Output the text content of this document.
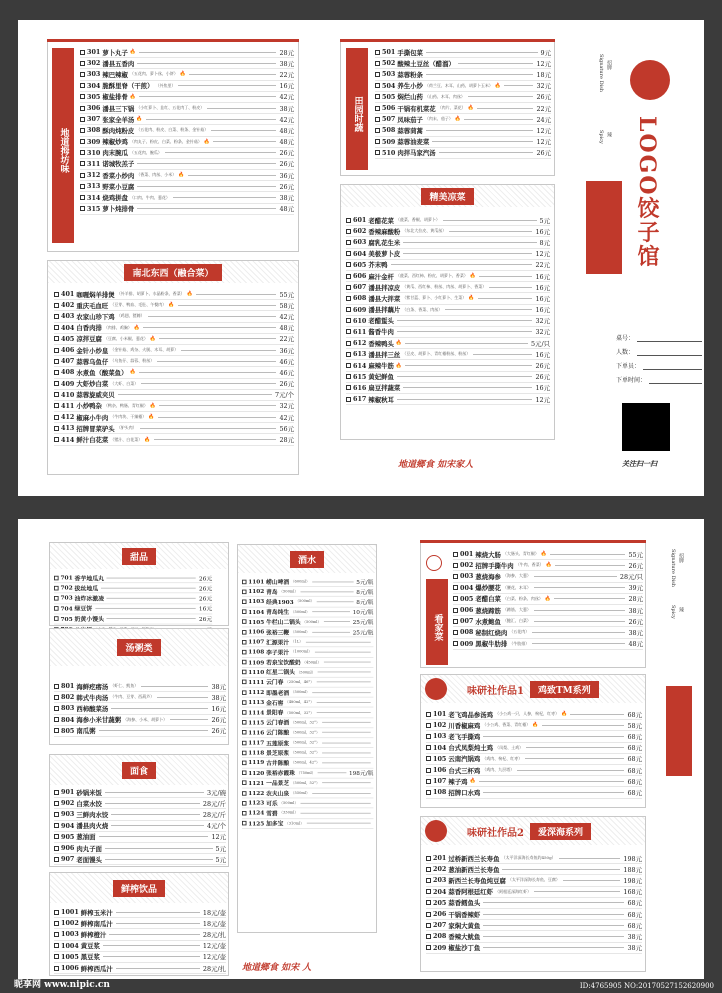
地道拇坊味
301 萝卜丸子 🔥	28元
302 潘县五香肉	38元
303 辣巴辣椒 （五花肉、萝卜丝、小饼） 🔥	22元
304 脆酥里脊（干煎） （外焦里）	16元
305 椒盐排骨 🔥	42元
306 潘县三下锅 （小红萝卜、韭红、五花肉丁、粉皮）	38元
307 张家全羊汤 🔥	42元
308 酥肉炖粉皮 （五花肉、粉皮、白菜、粉条、金针菇）	48元
309 辣椒炒鸡 （肉丸子、粉皮、白菜、粉条、金针菇） 🔥	48元
310 肉末腕瓜 （五花肉、腕瓜）	26元
311 诺城牧羔子	26元
312 香菜小炒肉 （香菜、肉丝、小米） 🔥	36元
313 野菜小豆腐	26元
314 烧鸡拼盘 （口肉、牛肉、葱花）	38元
315 萝卜炖排骨	48元
南北东西（融合菜）
401 咖喱焖羊排煲 （外羊排、胡萝卜、水晶粉条、香菜） 🔥	55元
402 重庆毛血旺 （豆芽、鸭血、毛肚、午餐肉） 🔥	58元
403 农家山珍下鸡 （鸡翅、猪蹄）	42元
404 白香肉排 （肉排、鸡胸） 🔥	48元
405 凉拌豆腐 （豆腐、小米椒、葱花） 🔥	22元
406 金针小炒皇 （金针菇、鸡杂、火腿、木耳、胡萝）	36元
407 蒜蓉乌鱼仔 （乌鱼仔、蒜蓉、粉丝）	46元
408 水煮鱼（酸菜鱼） 🔥	46元
409 大虾炒白菜 （大虾、白菜）	26元
410 蒜蓉旋威夹贝	7元/个
411 小炒鸭杂 （鸭杂、鸭肠、青红椒） 🔥	32元
412 椒麻小牛肉 （牛肉块、干辣椒） 🔥	42元
413 招牌冒菜驴头 （驴头肉）	56元
414 鲜汁白花菜 （猪汁、白花菜） 🔥	28元
田园时蔬
501 手撕包菜	9元
502 酸辣土豆丝（醋溜）	12元
503 蒜蓉粉条	18元
504 养生小炒 （荷兰豆、木耳、山药、胡萝卜玉米） 🔥	32元
505 焖烂山药 （山药、木耳、肉丝）	26元
506 干锅有机菜花 （肉片、菜花） 🔥	22元
507 凤味茄子 （肉末、茄子） 🔥	24元
508 蒜蓉茼蒿	12元
509 蒜蓉油麦菜	12元
510 肉拌马家汽汤	26元
精美凉菜
601 老醋花菜 （菠菜、香椒、胡萝卜）	5元
602 香辣麻酸粉 （东北大拉皮、黄瓜丝）	16元
603 腐乳花生米	8元
604 美极萝卜皮	12元
605 芥末鸭	22元
606 麻汁金杆 （菠菜、西红柿、粉皮、胡萝卜、香菜） 🔥	16元
607 潘县拌凉皮 （黄瓜、西红柿、粉丝、肉丝、胡萝卜、香菜）	16元
608 潘县大拌菜 （紫甘蓝、萝卜、小红萝卜、生菜） 🔥	16元
609 潘县拌藕片 （白条、香菜、肉丝）	16元
610 老醋蜇头	32元
611 酱香牛肉	32元
612 香辣鸭头 🔥	5元/只
613 潘县拌三丝 （豆皮、胡萝卜、青红椒粉丝、粉丝）	16元
614 麻辣牛筋 🔥	26元
615 黄妃鲜鱼	26元
616 扁豆拌蔬菜	16元
617 辣椒秋耳	12元
地道鄉食 如宋家人
Signature Dish 招牌
Spicy 辣 LOGO饺子馆
桌号：
人数：
下单员：
下单时间：
关注扫一扫
甜品
701 香芋地瓜丸	26元
702 拔丝地瓜	26元
703 油炸冰激凌	26元
704 绿豆饼	16元
705 奶黄小馒头	26元
汤粥类
801 海鲜疙瘩汤 （虾仁、鱿鱼）	38元
802 韩式牛肉汤 （牛肉、豆芽、西葫芦）	38元
803 西柿酸菜汤	16元
804 海参小米甘蔬粥 （海参、小米、胡萝卜）	26元
805 南瓜粥	26元
面食
901 砂锅米饭	3元/碗
902 白菜水饺	28元/斤
903 三鲜肉水饺	28元/斤
904 潘县肉火烧	4元/个
905 葱油面	12元
906 肉丸子面	5元
907 老面馒头	5元
鲜榨饮品
1001 鲜榨玉米汁	18元/壶
1002 鲜榨南瓜汁	18元/壶
1003 鲜榨橙汁	28元/扎
1004 黄豆浆	12元/壶
1005 黑豆浆	12元/壶
1006 鲜榨西瓜汁	28元/扎
酒水
1101 崂山啤酒 （600ml）	5元/瓶
1102 青岛 （500ml）	8元/瓶
1103 经典1903 （500ml）	8元/瓶
1104 青岛纯生 （500ml）	10元/瓶
1105 牛栏山二锅头 （500ml）	25元/瓶
1106 张裕三鞭 （500ml）	25元/瓶
1107 汇源果汁 （1L）
1108 李子果汁 （1000ml）
1109 若泉宝饮酸奶 （450ml）
1110 红星二锅头 （500ml）
1111 云门春 （250ml，46°）
1112 即墨老酒 （500ml）
1113 金石窖 （480ml，42°）
1114 景阳春 （500ml，32°）
1115 云门春酒 （500ml，32°）
1116 云门陈酿 （500ml，32°）
1117 五莲原浆 （500ml，32°）
1118 景芝原浆 （500ml，32°）
1119 古井陈酿 （500ml，42°）
1120 张裕赤霞珠 （750ml）	198元/瓶
1121 一品景芝 （500ml，52°）
1122 农夫山泉 （550ml）
1123 可乐 （500ml）
1124 雪碧 （330ml）
1125 加多宝 （310ml）
地道鄉食 如宋 人
看家菜
001 辣烧大肠 （大肠头、青红椒） 🔥	55元
002 招牌手撕牛肉 （牛肉、香菜） 🔥	26元
003 葱烧海参 （海参、大葱）	28元/只
004 爆炒腰花 （腰花、木耳）	39元
005 老醋白菜 （白菜、粉条、肉丝） 🔥	28元
006 葱烧蹄筋 （蹄筋、大葱）	38元
007 水煮鲍鱼 （鲍汇、白菜）	26元
008 秘制红烧肉 （五花肉）	38元
009 黑椒牛肋排 （牛肋排）	48元
味研社作品1	鸡致TM系列
101 老飞鸡品参汤鸡 （小公鸡一只，人参，枸杞，红枣） 🔥	68元
102 川香椒麻鸡 （小公鸡、香菜、青红椒） 🔥	58元
103 老飞手撕鸡	68元
104 台式凤梨炖土鸡 （凤梨、土鸡）	68元
105 云南汽锅鸡 （鸡肉、枸杞、红枣）	68元
106 台式三杯鸡 （鸡肉、九层塔）	68元
107 辣子鸡 🔥	68元
108 招牌口水鸡	68元
味研社作品2	爱深海系列
201 过桥新西兰长寿鱼 （太平洋深海长寿鱼约450g）	198元
202 葱油新西兰长寿鱼	188元
203 新西兰长寿鱼炖豆腐 （太平洋深海长寿鱼、豆腐）	198元
204 蒜香阿根廷红虾 （阿根廷深海红虾）	168元
205 蒜香鳕鱼头	68元
206 干锅香辣虾	68元
207 家焖大黄鱼	68元
208 香辣大鱿鱼	38元
209 椒盐沙丁鱼	38元
Signature Dish 招牌
Spicy 辣
昵享网 www.nipic.cn	ID:4765905 NO:20170527152620900
